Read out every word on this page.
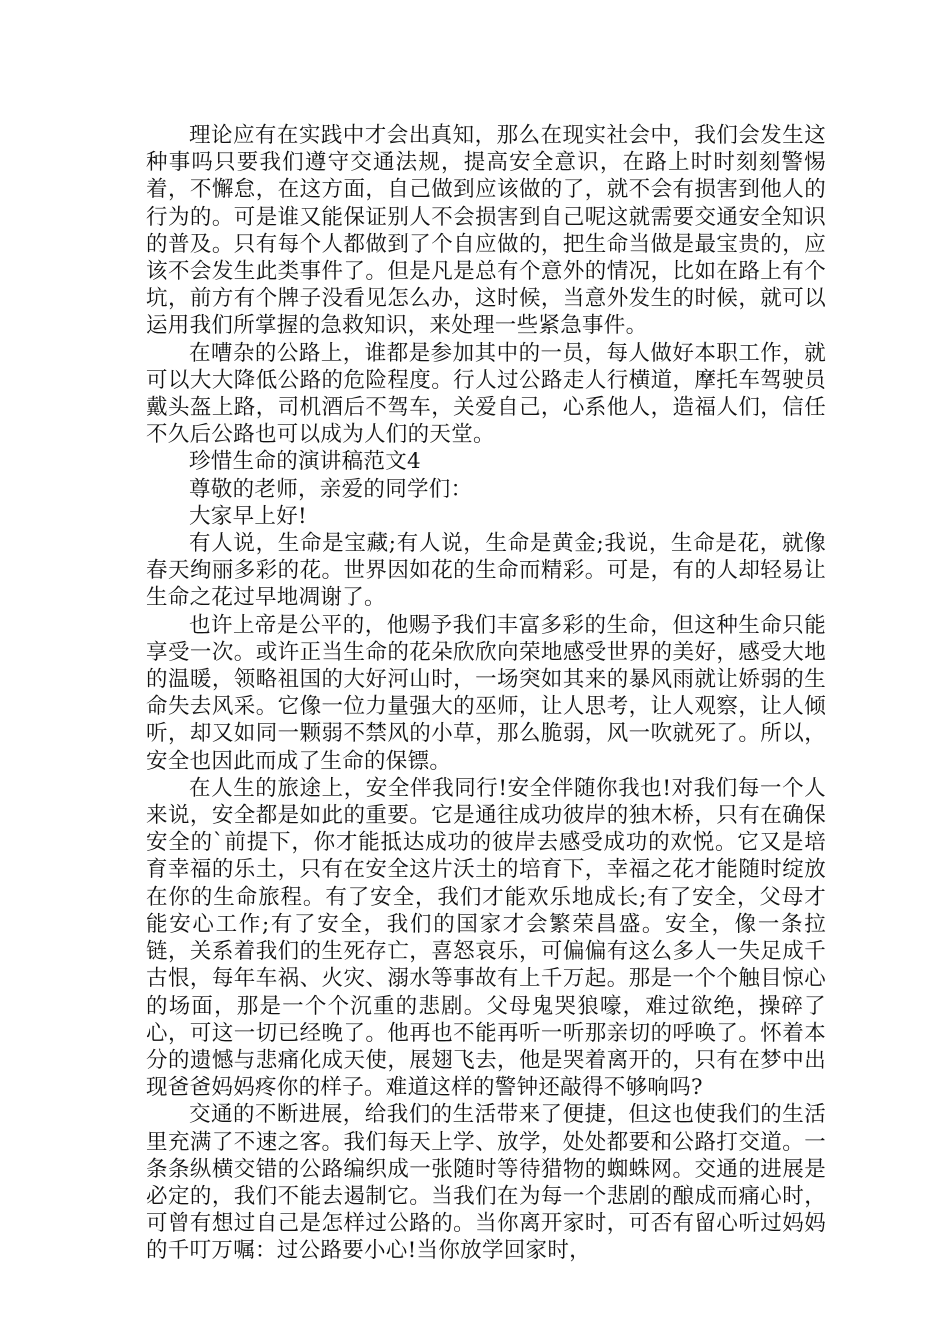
理论应有在实践中才会出真知，那么在现实社会中，我们会发生这种事吗只要我们遵守交通法规，提高安全意识，在路上时时刻刻警惕着，不懈怠，在这方面，自己做到应该做的了，就不会有损害到他人的行为的。可是谁又能保证别人不会损害到自己呢这就需要交通安全知识的普及。只有每个人都做到了个自应做的，把生命当做是最宝贵的，应该不会发生此类事件了。但是凡是总有个意外的情况，比如在路上有个坑，前方有个牌子没看见怎么办，这时候，当意外发生的时候，就可以运用我们所掌握的急救知识，来处理一些紧急事件。

在嘈杂的公路上，谁都是参加其中的一员，每人做好本职工作，就可以大大降低公路的危险程度。行人过公路走人行横道，摩托车驾驶员戴头盔上路，司机酒后不驾车，关爱自己，心系他人，造福人们，信任不久后公路也可以成为人们的天堂。

珍惜生命的演讲稿范文4

尊敬的老师，亲爱的同学们：

大家早上好!

有人说，生命是宝藏;有人说，生命是黄金;我说，生命是花，就像春天绚丽多彩的花。世界因如花的生命而精彩。可是，有的人却轻易让生命之花过早地凋谢了。

也许上帝是公平的，他赐予我们丰富多彩的生命，但这种生命只能享受一次。或许正当生命的花朵欣欣向荣地感受世界的美好，感受大地的温暖，领略祖国的大好河山时，一场突如其来的暴风雨就让娇弱的生命失去风采。它像一位力量强大的巫师，让人思考，让人观察，让人倾听，却又如同一颗弱不禁风的小草，那么脆弱，风一吹就死了。所以，安全也因此而成了生命的保镖。

在人生的旅途上，安全伴我同行!安全伴随你我也!对我们每一个人来说，安全都是如此的重要。它是通往成功彼岸的独木桥，只有在确保安全的`前提下，你才能抵达成功的彼岸去感受成功的欢悦。它又是培育幸福的乐土，只有在安全这片沃土的培育下，幸福之花才能随时绽放在你的生命旅程。有了安全，我们才能欢乐地成长;有了安全，父母才能安心工作;有了安全，我们的国家才会繁荣昌盛。安全，像一条拉链，关系着我们的生死存亡，喜怒哀乐，可偏偏有这么多人一失足成千古恨，每年车祸、火灾、溺水等事故有上千万起。那是一个个触目惊心的场面，那是一个个沉重的悲剧。父母鬼哭狼嚎，难过欲绝，操碎了心，可这一切已经晚了。他再也不能再听一听那亲切的呼唤了。怀着本分的遗憾与悲痛化成天使，展翅飞去，他是哭着离开的，只有在梦中出现爸爸妈妈疼你的样子。难道这样的警钟还敲得不够响吗?

交通的不断进展，给我们的生活带来了便捷，但这也使我们的生活里充满了不速之客。我们每天上学、放学，处处都要和公路打交道。一条条纵横交错的公路编织成一张随时等待猎物的蜘蛛网。交通的进展是必定的，我们不能去遏制它。当我们在为每一个悲剧的酿成而痛心时，可曾有想过自己是怎样过公路的。当你离开家时，可否有留心听过妈妈的千叮万嘱：过公路要小心!当你放学回家时，
